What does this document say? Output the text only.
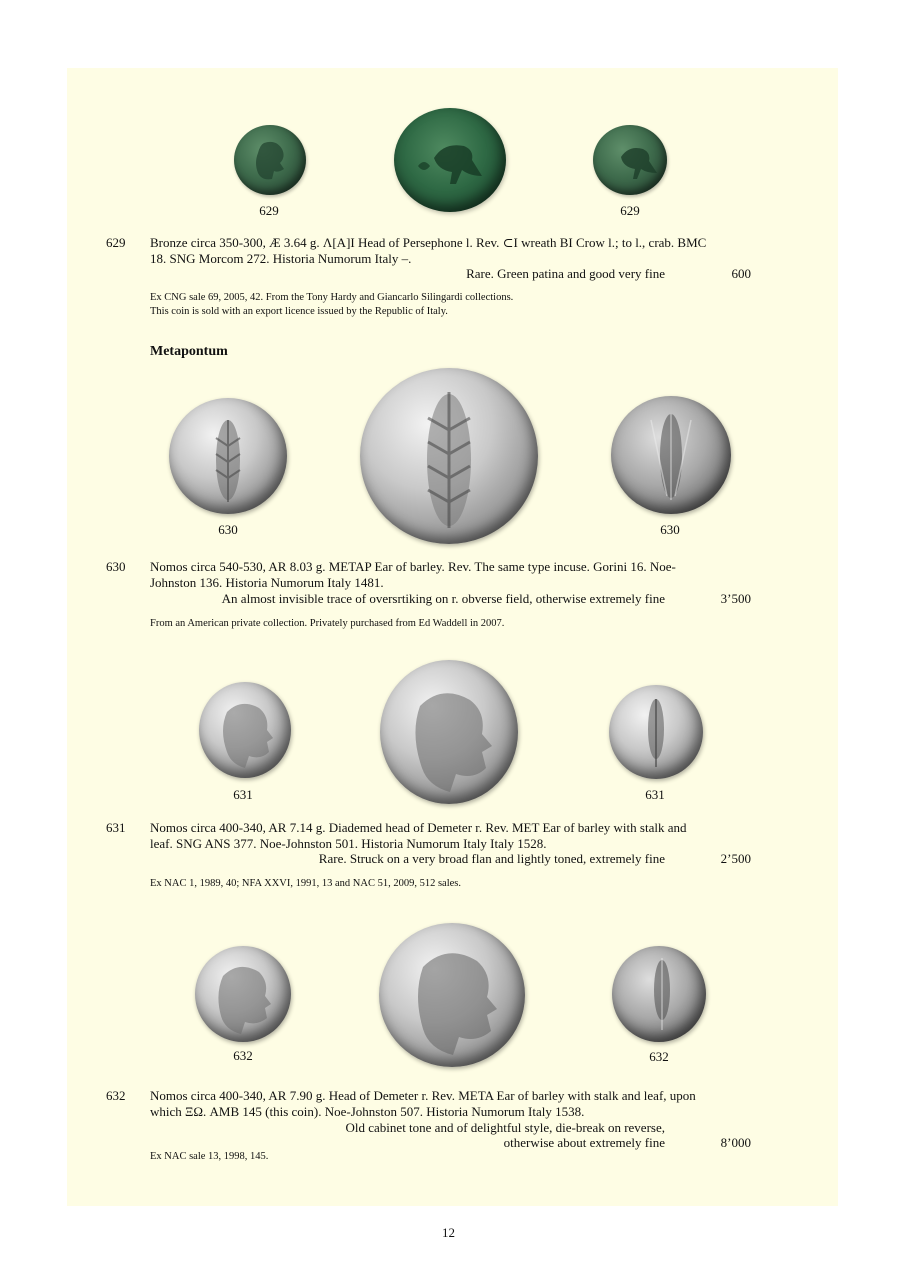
629	629
629 Bronze circa 350-300, Æ 3.64 g. Λ[A]I Head of Persephone l. Rev. ⊂I wreath BI Crow l.; to l., crab. BMC
18. SNG Morcom 272. Historia Numorum Italy –.
Rare. Green patina and good very fine	600
Ex CNG sale 69, 2005, 42. From the Tony Hardy and Giancarlo Silingardi collections.
This coin is sold with an export licence issued by the Republic of Italy.
Metapontum
630	630
630 Nomos circa 540-530, AR 8.03 g. METAP Ear of barley. Rev. The same type incuse. Gorini 16. Noe-
Johnston 136. Historia Numorum Italy 1481.
An almost invisible trace of oversrtiking on r. obverse field, otherwise extremely fine	3’500
From an American private collection. Privately purchased from Ed Waddell in 2007.
631	631
631 Nomos circa 400-340, AR 7.14 g. Diademed head of Demeter r. Rev. MET Ear of barley with stalk and
leaf. SNG ANS 377. Noe-Johnston 501. Historia Numorum Italy Italy 1528.
Rare. Struck on a very broad flan and lightly toned, extremely fine	2’500
Ex NAC 1, 1989, 40; NFA XXVI, 1991, 13 and NAC 51, 2009, 512 sales.
632	632
632 Nomos circa 400-340, AR 7.90 g. Head of Demeter r. Rev. META Ear of barley with stalk and leaf, upon
which ΞΩ. AMB 145 (this coin). Noe-Johnston 507. Historia Numorum Italy 1538.
Old cabinet tone and of delightful style, die-break on reverse,
otherwise about extremely fine	8’000
Ex NAC sale 13, 1998, 145.
12
